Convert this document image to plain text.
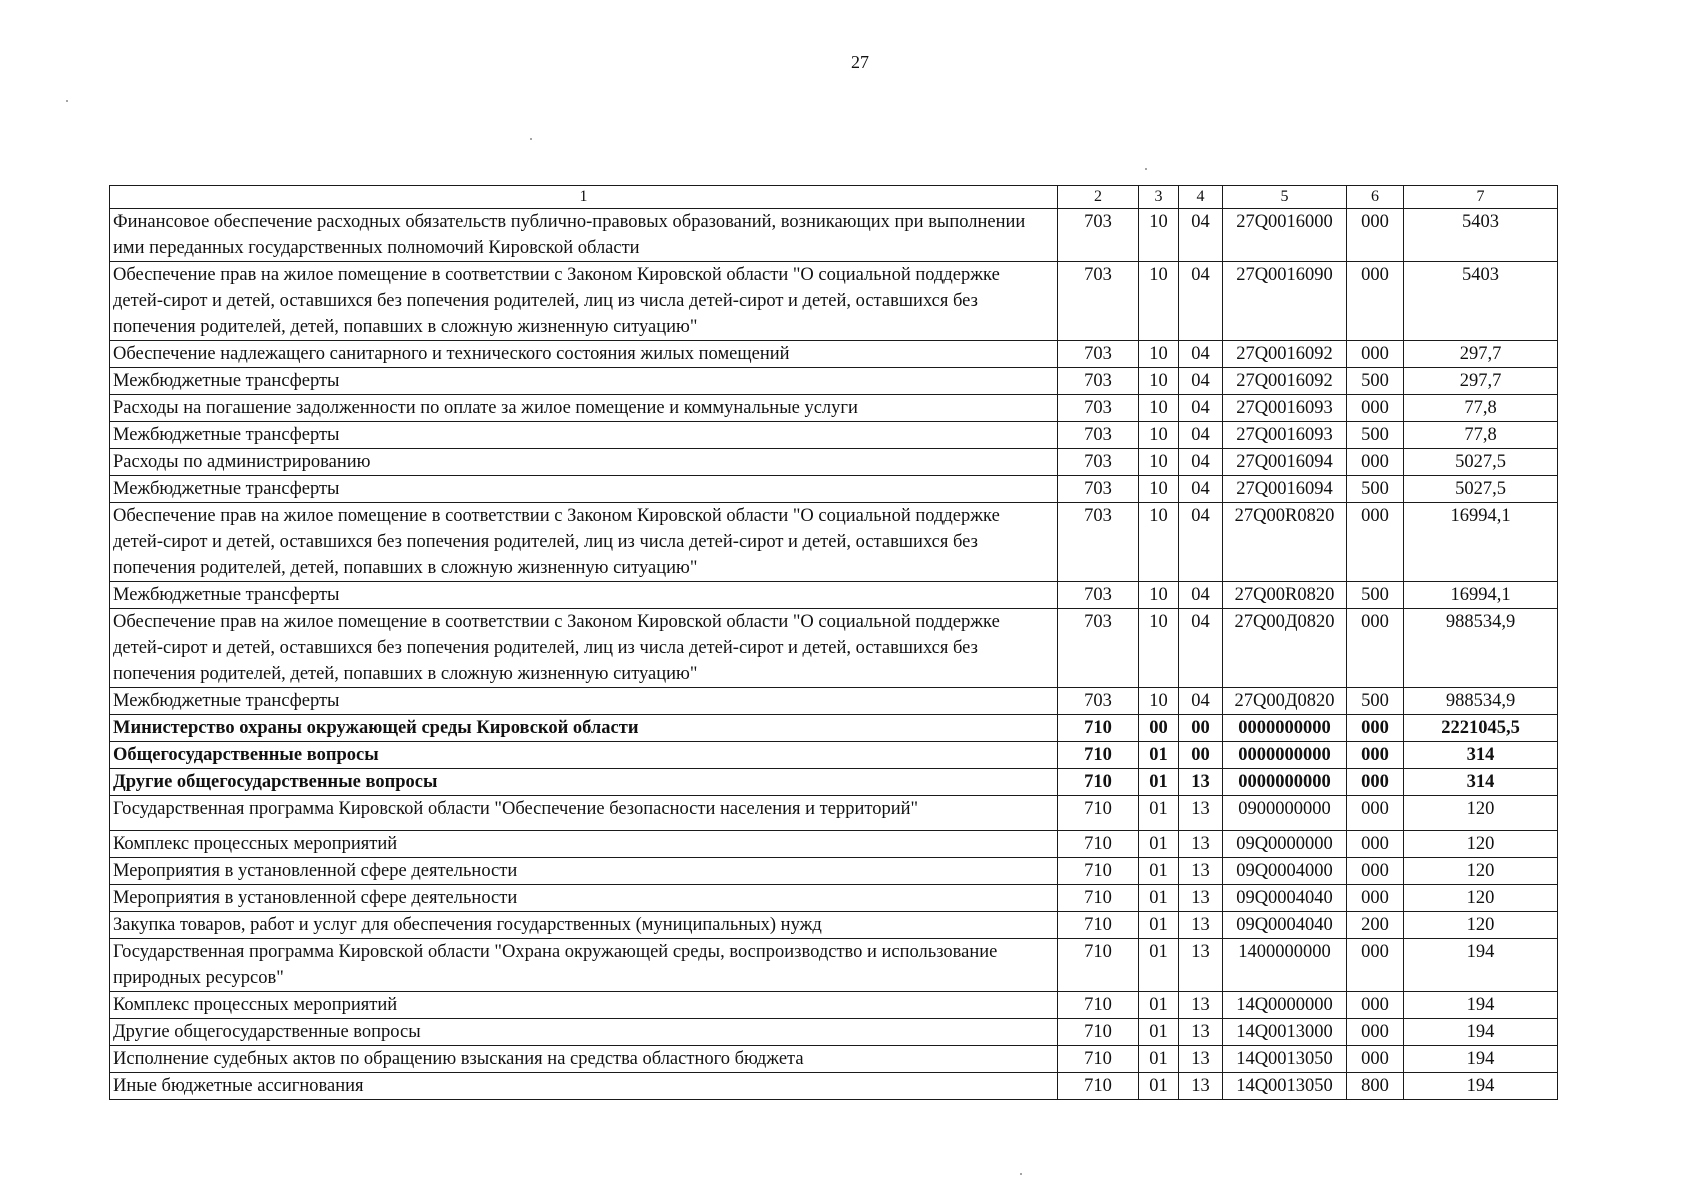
27
1	2	3	4	5	6	7
Финансовое обеспечение расходных обязательств публично-правовых образований, возникающих при выполнении ими переданных государственных полномочий Кировской области	703	10	04	27Q0016000	000	5403
Обеспечение прав на жилое помещение в соответствии с Законом Кировской области "О социальной поддержке детей-сирот и детей, оставшихся без попечения родителей, лиц из числа детей-сирот и детей, оставшихся без попечения родителей, детей, попавших в сложную жизненную ситуацию"	703	10	04	27Q0016090	000	5403
Обеспечение надлежащего санитарного и технического состояния жилых помещений	703	10	04	27Q0016092	000	297,7
Межбюджетные трансферты	703	10	04	27Q0016092	500	297,7
Расходы на погашение задолженности по оплате за жилое помещение и коммунальные услуги	703	10	04	27Q0016093	000	77,8
Межбюджетные трансферты	703	10	04	27Q0016093	500	77,8
Расходы по администрированию	703	10	04	27Q0016094	000	5027,5
Межбюджетные трансферты	703	10	04	27Q0016094	500	5027,5
Обеспечение прав на жилое помещение в соответствии с Законом Кировской области "О социальной поддержке детей-сирот и детей, оставшихся без попечения родителей, лиц из числа детей-сирот и детей, оставшихся без попечения родителей, детей, попавших в сложную жизненную ситуацию"	703	10	04	27Q00R0820	000	16994,1
Межбюджетные трансферты	703	10	04	27Q00R0820	500	16994,1
Обеспечение прав на жилое помещение в соответствии с Законом Кировской области "О социальной поддержке детей-сирот и детей, оставшихся без попечения родителей, лиц из числа детей-сирот и детей, оставшихся без попечения родителей, детей, попавших в сложную жизненную ситуацию"	703	10	04	27Q00Д0820	000	988534,9
Межбюджетные трансферты	703	10	04	27Q00Д0820	500	988534,9
Министерство охраны окружающей среды Кировской области	710	00	00	0000000000	000	2221045,5
Общегосударственные вопросы	710	01	00	0000000000	000	314
Другие общегосударственные вопросы	710	01	13	0000000000	000	314
Государственная программа Кировской области "Обеспечение безопасности населения и территорий"	710	01	13	0900000000	000	120
Комплекс процессных мероприятий	710	01	13	09Q0000000	000	120
Мероприятия в установленной сфере деятельности	710	01	13	09Q0004000	000	120
Мероприятия в установленной сфере деятельности	710	01	13	09Q0004040	000	120
Закупка товаров, работ и услуг для обеспечения государственных (муниципальных) нужд	710	01	13	09Q0004040	200	120
Государственная программа Кировской области "Охрана окружающей среды, воспроизводство и использование природных ресурсов"	710	01	13	1400000000	000	194
Комплекс процессных мероприятий	710	01	13	14Q0000000	000	194
Другие общегосударственные вопросы	710	01	13	14Q0013000	000	194
Исполнение судебных актов по обращению взыскания на средства областного бюджета	710	01	13	14Q0013050	000	194
Иные бюджетные ассигнования	710	01	13	14Q0013050	800	194
